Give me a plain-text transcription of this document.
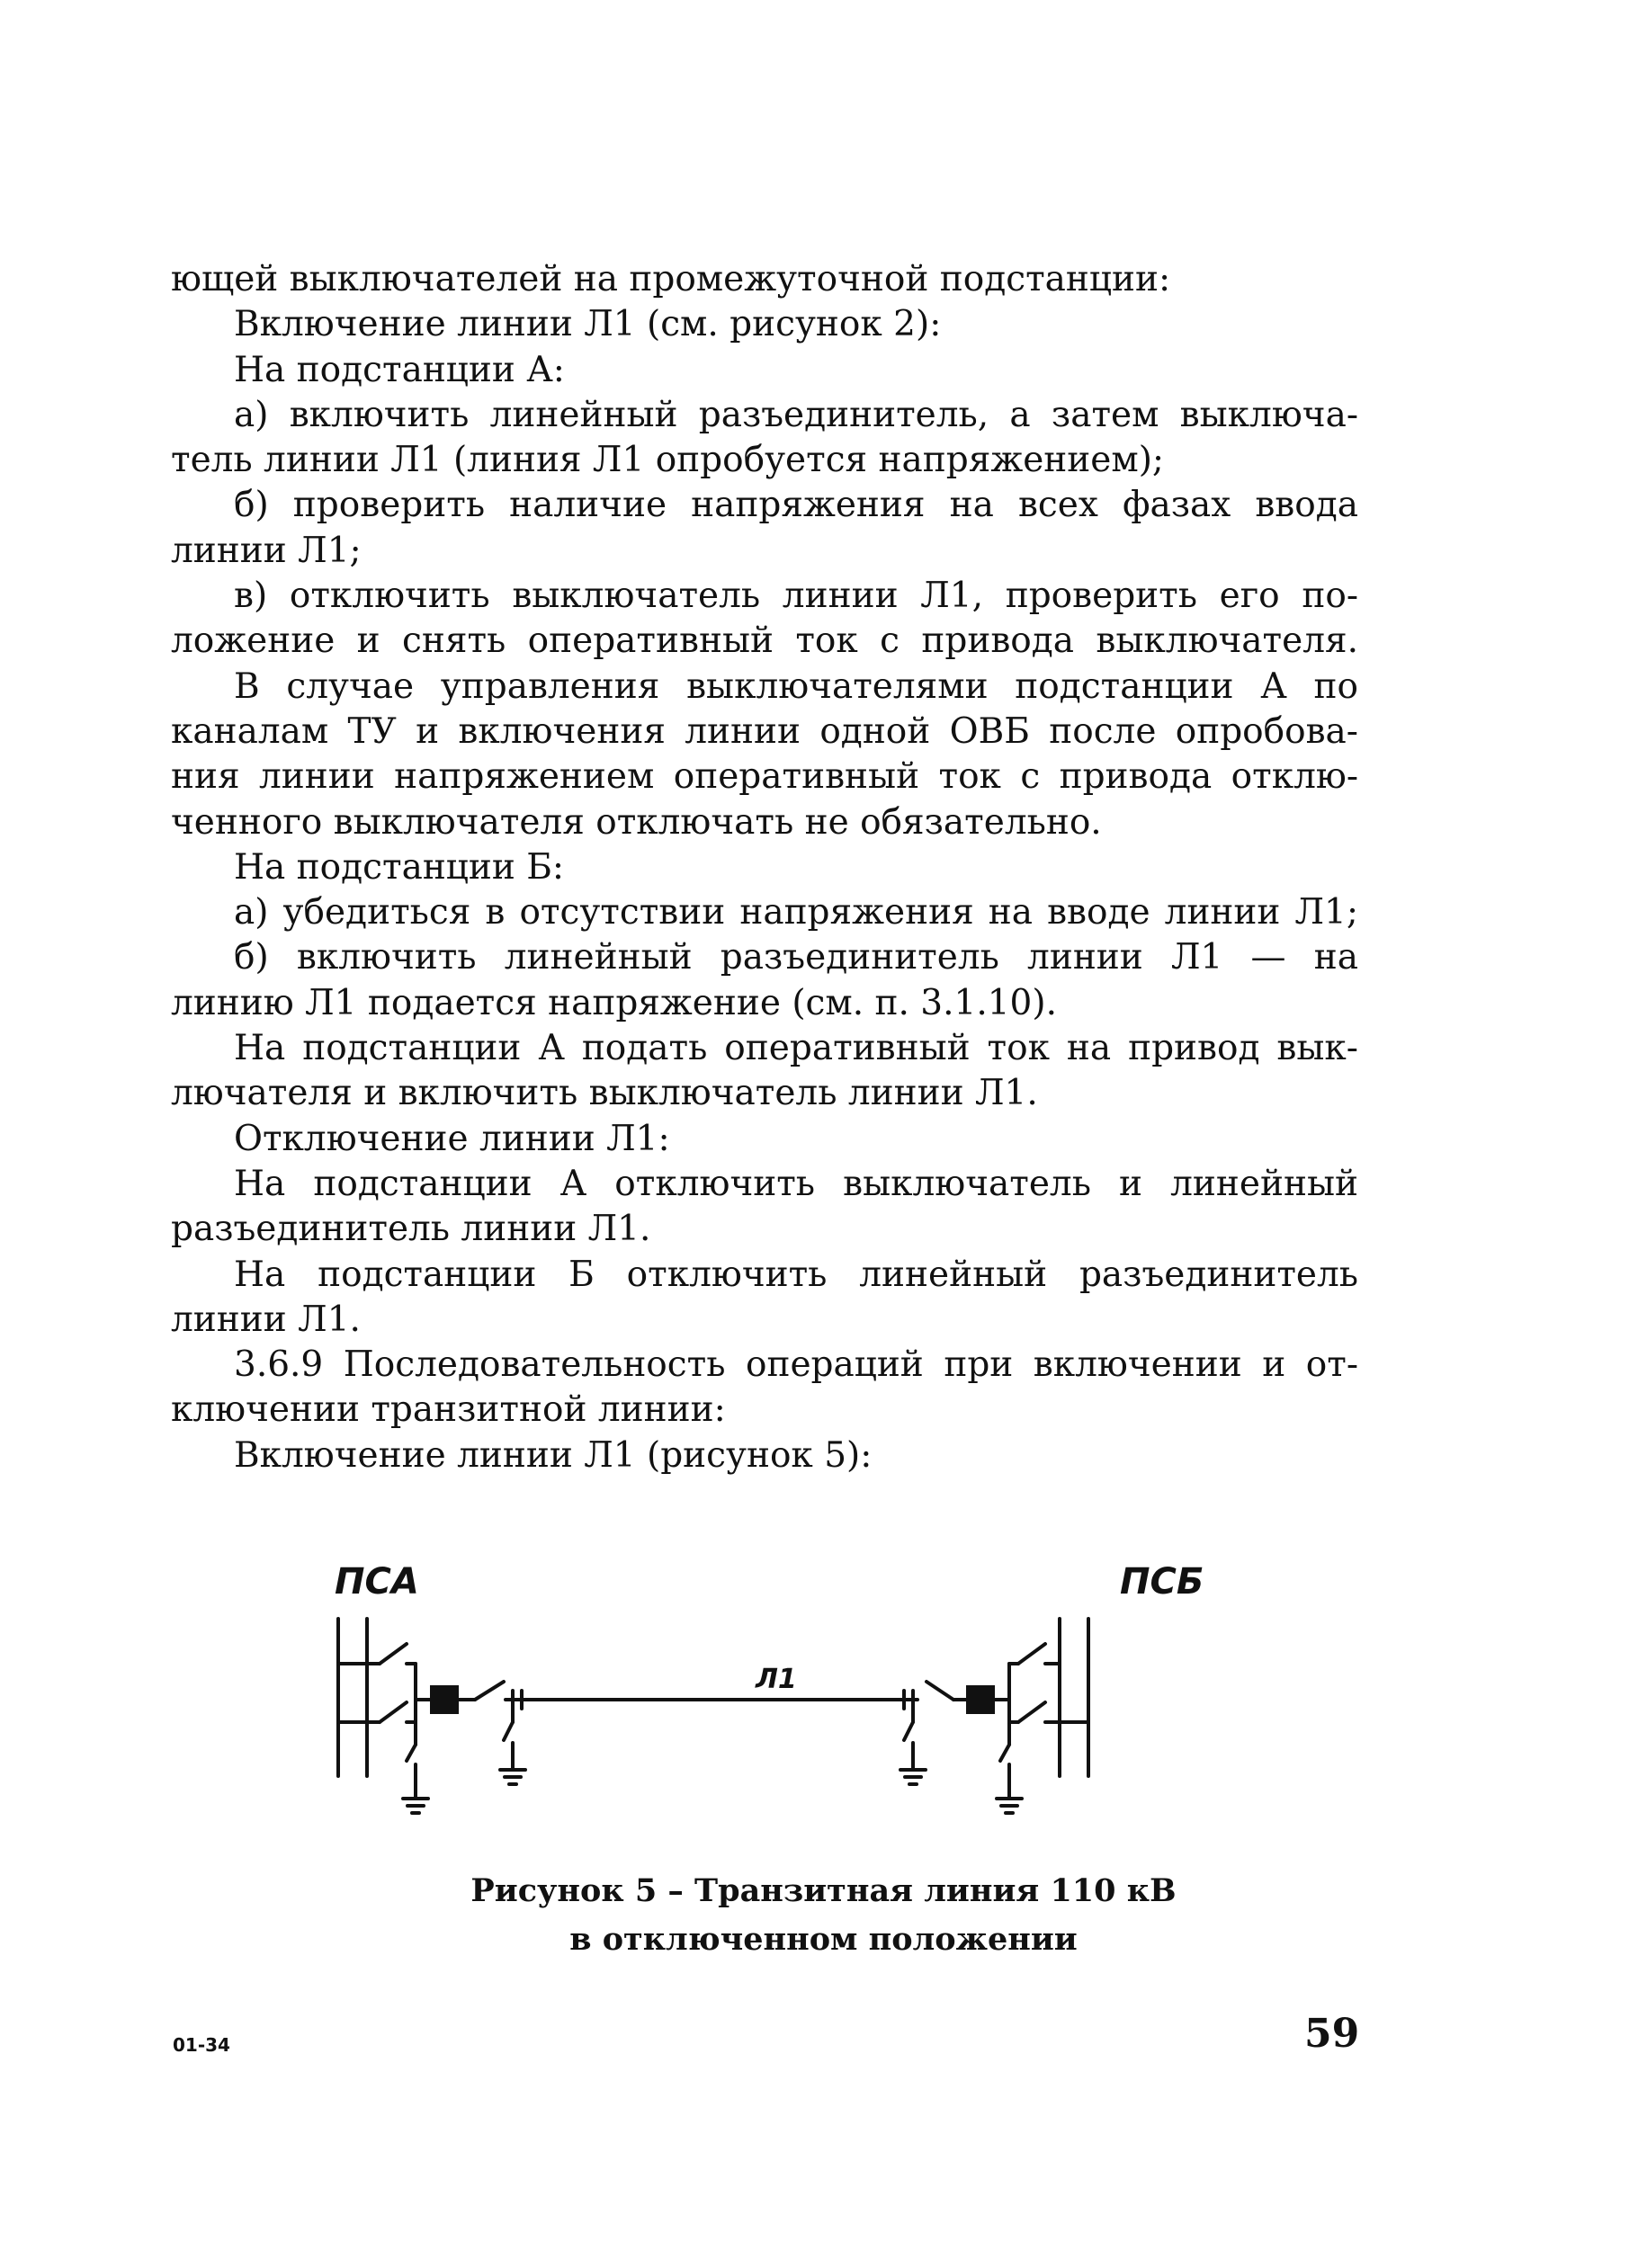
ющей выключателей на промежуточной подстанции:
Включение линии Л1 (см. рисунок 2):
На подстанции А:
а) включить линейный разъединитель, а затем выключа-
тель линии Л1 (линия Л1 опробуется напряжением);
б) проверить наличие напряжения на всех фазах ввода
линии Л1;
в) отключить выключатель линии Л1, проверить его по-
ложение и снять оперативный ток с привода выключателя.
В случае управления выключателями подстанции А по
каналам ТУ и включения линии одной ОВБ после опробова-
ния линии напряжением оперативный ток с привода отклю-
ченного выключателя отключать не обязательно.
На подстанции Б:
а) убедиться в отсутствии напряжения на вводе линии Л1;
б) включить линейный разъединитель линии Л1 — на
линию Л1 подается напряжение (см. п. 3.1.10).
На подстанции А подать оперативный ток на привод вык-
лючателя и включить выключатель линии Л1.
Отключение линии Л1:
На подстанции А отключить выключатель и линейный
разъединитель линии Л1.
На подстанции Б отключить линейный разъединитель
линии Л1.
3.6.9 Последовательность операций при включении и от-
ключении транзитной линии:
Включение линии Л1 (рисунок 5):
ПСА	ПСБ
Л1
Рисунок 5 – Транзитная линия 110 кВ
в отключенном положении
01-34	59
